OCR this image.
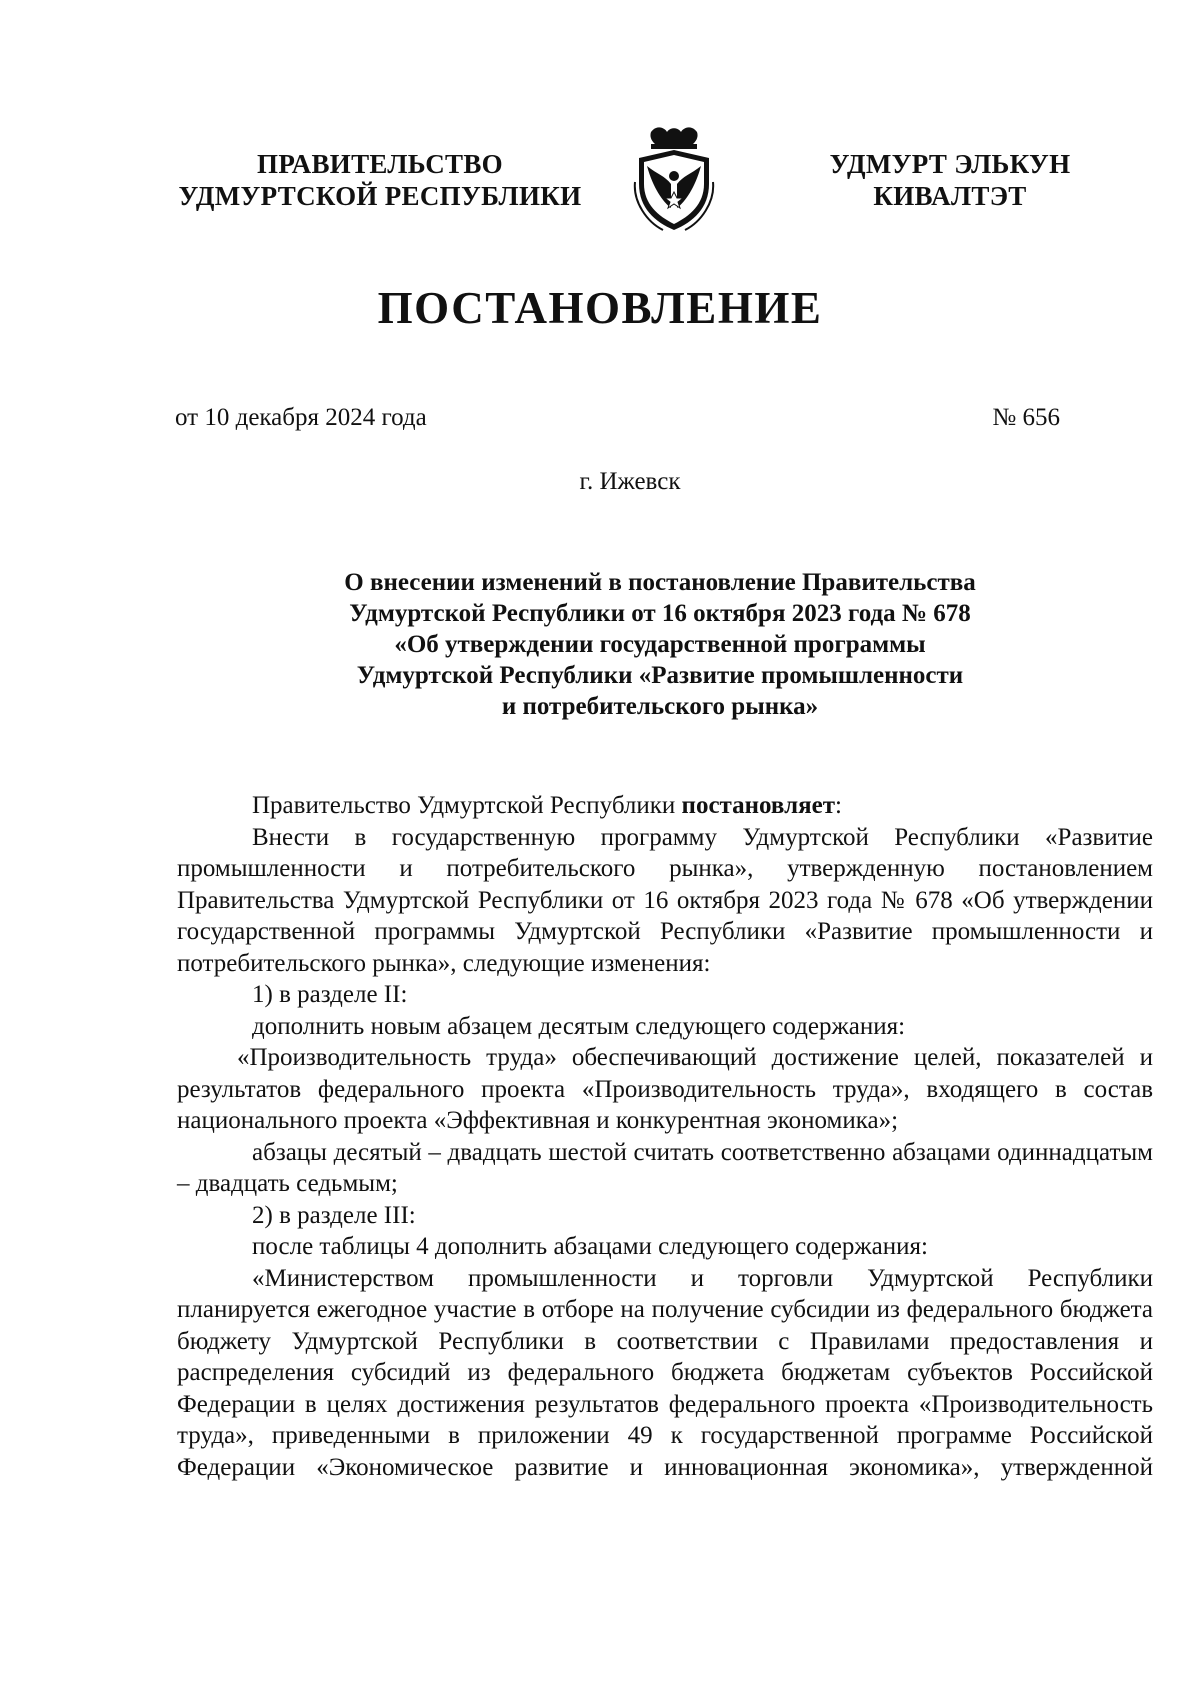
ПРАВИТЕЛЬСТВО
УДМУРТСКОЙ РЕСПУБЛИКИ
УДМУРТ ЭЛЬКУН
КИВАЛТЭТ
ПОСТАНОВЛЕНИЕ
от 10 декабря 2024 года	№ 656
г. Ижевск
О внесении изменений в постановление Правительства
Удмуртской Республики от 16 октября 2023 года № 678
«Об утверждении государственной программы
Удмуртской Республики «Развитие промышленности
и потребительского рынка»

Правительство Удмуртской Республики постановляет:

Внести в государственную программу Удмуртской Республики «Развитие промышленности и потребительского рынка», утвержденную постановлением Правительства Удмуртской Республики от 16 октября 2023 года № 678 «Об утверждении государственной программы Удмуртской Республики «Развитие промышленности и потребительского рынка», следующие изменения:

1) в разделе II:

дополнить новым абзацем десятым следующего содержания:

«Производительность труда» обеспечивающий достижение целей, показателей и результатов федерального проекта «Производительность труда», входящего в состав национального проекта «Эффективная и конкурентная экономика»;

абзацы десятый – двадцать шестой считать соответственно абзацами одиннадцатым – двадцать седьмым;

2) в разделе III:

после таблицы 4 дополнить абзацами следующего содержания:

«Министерством промышленности и торговли Удмуртской Республики планируется ежегодное участие в отборе на получение субсидии из федерального бюджета бюджету Удмуртской Республики в соответствии с Правилами предоставления и распределения субсидий из федерального бюджета бюджетам субъектов Российской Федерации в целях достижения результатов федерального проекта «Производительность труда», приведенными в приложении 49 к государственной программе Российской Федерации «Экономическое развитие и инновационная экономика», утвержденной
